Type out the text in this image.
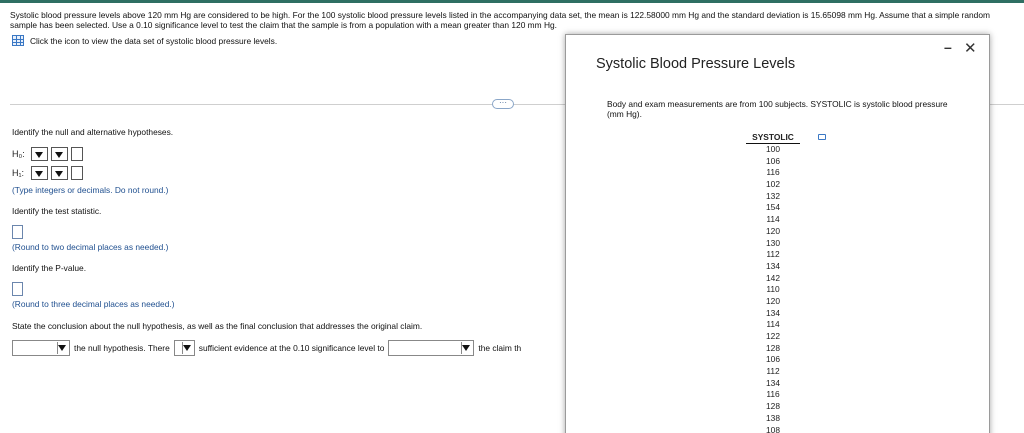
Systolic blood pressure levels above 120 mm Hg are considered to be high. For the 100 systolic blood pressure levels listed in the accompanying data set, the mean is 122.58000 mm Hg and the standard deviation is 15.65098 mm Hg. Assume that a simple random sample has been selected. Use a 0.10 significance level to test the claim that the sample is from a population with a mean greater than 120 mm Hg.
Click the icon to view the data set of systolic blood pressure levels.
···
Identify the null and alternative hypotheses.
H₀:
H₁:
(Type integers or decimals. Do not round.)
Identify the test statistic.
(Round to two decimal places as needed.)
Identify the P-value.
(Round to three decimal places as needed.)
State the conclusion about the null hypothesis, as well as the final conclusion that addresses the original claim.
the null hypothesis. There	sufficient evidence at the 0.10 significance level to	the claim th
Systolic Blood Pressure Levels
– ✕
Body and exam measurements are from 100 subjects. SYSTOLIC is systolic blood pressure (mm Hg).
SYSTOLIC
100
106
116
102
132
154
114
120
130
112
134
142
110
120
134
114
122
128
106
112
134
116
128
138
108
